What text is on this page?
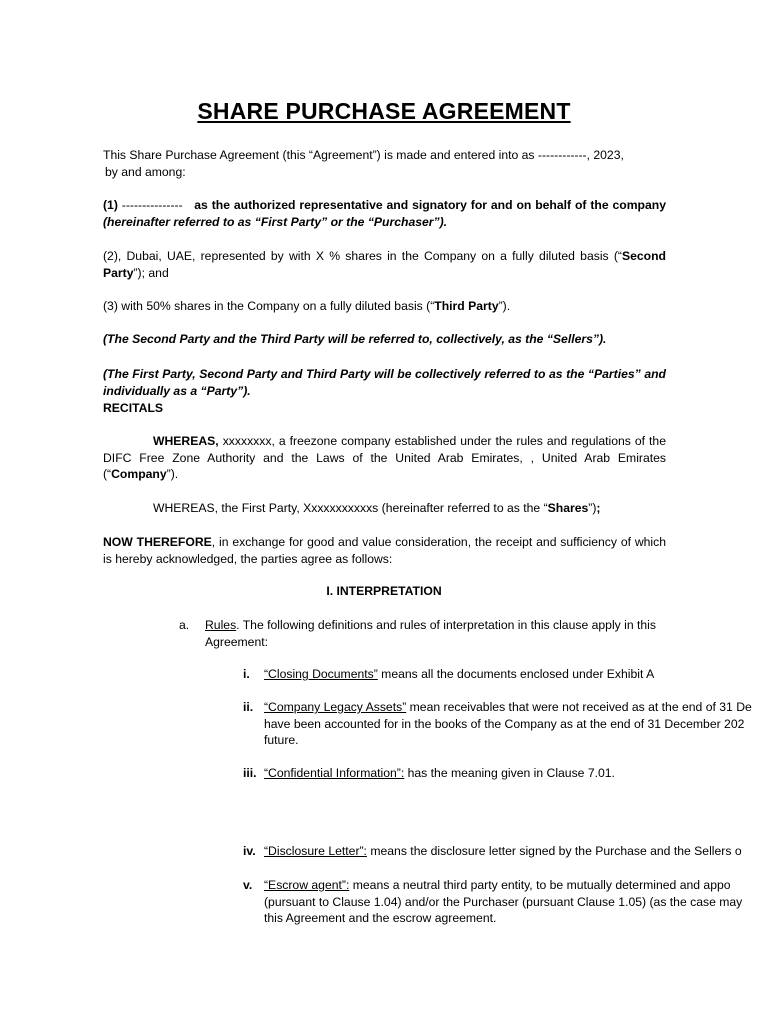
SHARE PURCHASE AGREEMENT
This Share Purchase Agreement (this “Agreement”) is made and entered into as ------------, 2023,
by and among:
(1) --------------- as the authorized representative and signatory for and on behalf of the company (hereinafter referred to as “First Party” or the “Purchaser”).
(2), Dubai, UAE, represented by with X % shares in the Company on a fully diluted basis (“Second Party”); and
(3) with 50% shares in the Company on a fully diluted basis (“Third Party”).
(The Second Party and the Third Party will be referred to, collectively, as the “Sellers”).
(The First Party, Second Party and Third Party will be collectively referred to as the “Parties” and individually as a “Party”).
RECITALS
WHEREAS, xxxxxxxx, a freezone company established under the rules and regulations of the DIFC Free Zone Authority and the Laws of the United Arab Emirates, , United Arab Emirates (“Company”).
WHEREAS, the First Party, Xxxxxxxxxxxs (hereinafter referred to as the “Shares”);
NOW THEREFORE, in exchange for good and value consideration, the receipt and sufficiency of which is hereby acknowledged, the parties agree as follows:
I. INTERPRETATION
a. Rules. The following definitions and rules of interpretation in this clause apply in this Agreement:
i. “Closing Documents” means all the documents enclosed under Exhibit A
ii. “Company Legacy Assets” mean receivables that were not received as at the end of 31 De
have been accounted for in the books of the Company as at the end of 31 December 202
future.
iii. “Confidential Information”: has the meaning given in Clause 7.01.
iv. “Disclosure Letter”: means the disclosure letter signed by the Purchase and the Sellers o
v. “Escrow agent”: means a neutral third party entity, to be mutually determined and appo
(pursuant to Clause 1.04) and/or the Purchaser (pursuant Clause 1.05) (as the case may
this Agreement and the escrow agreement.
